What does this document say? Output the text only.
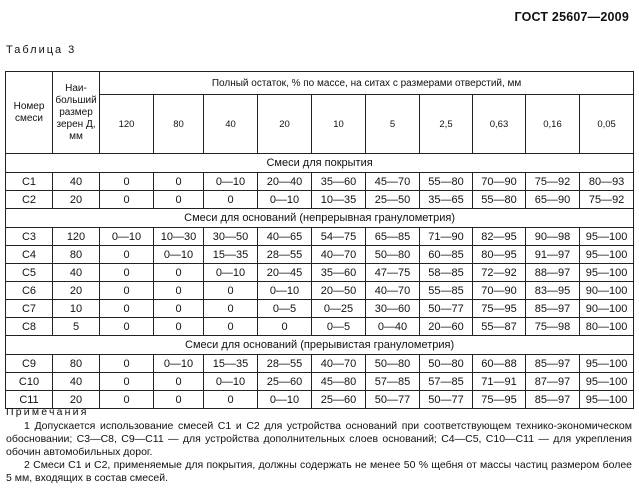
ГОСТ 25607—2009
Таблица 3
Номер смеси	Наи-больший размер зерен Д, мм	Полный остаток, % по массе, на ситах с размерами отверстий, мм									
		120	80	40	20	10	5	2,5	0,63	0,16	0,05
Смеси для покрытия											
С1	40	0	0	0—10	20—40	35—60	45—70	55—80	70—90	75—92	80—93
С2	20	0	0	0	0—10	10—35	25—50	35—65	55—80	65—90	75—92
Смеси для оснований (непрерывная гранулометрия)											
С3	120	0—10	10—30	30—50	40—65	54—75	65—85	71—90	82—95	90—98	95—100
С4	80	0	0—10	15—35	28—55	40—70	50—80	60—85	80—95	91—97	95—100
С5	40	0	0	0—10	20—45	35—60	47—75	58—85	72—92	88—97	95—100
С6	20	0	0	0	0—10	20—50	40—70	55—85	70—90	83—95	90—100
С7	10	0	0	0	0—5	0—25	30—60	50—77	75—95	85—97	90—100
С8	5	0	0	0	0	0—5	0—40	20—60	55—87	75—98	80—100
Смеси для оснований (прерывистая гранулометрия)											
С9	80	0	0—10	15—35	28—55	40—70	50—80	50—80	60—88	85—97	95—100
С10	40	0	0	0—10	25—60	45—80	57—85	57—85	71—91	87—97	95—100
С11	20	0	0	0	0—10	25—60	50—77	50—77	75—95	85—97	95—100
Примечания

1 Допускается использование смесей С1 и С2 для устройства оснований при соответствующем технико-экономическом обосновании; С3—С8, С9—С11 — для устройства дополнительных слоев оснований; С4—С5, С10—С11 — для укрепления обочин автомобильных дорог.

2 Смеси С1 и С2, применяемые для покрытия, должны содержать не менее 50 % щебня от массы частиц размером более 5 мм, входящих в состав смесей.
